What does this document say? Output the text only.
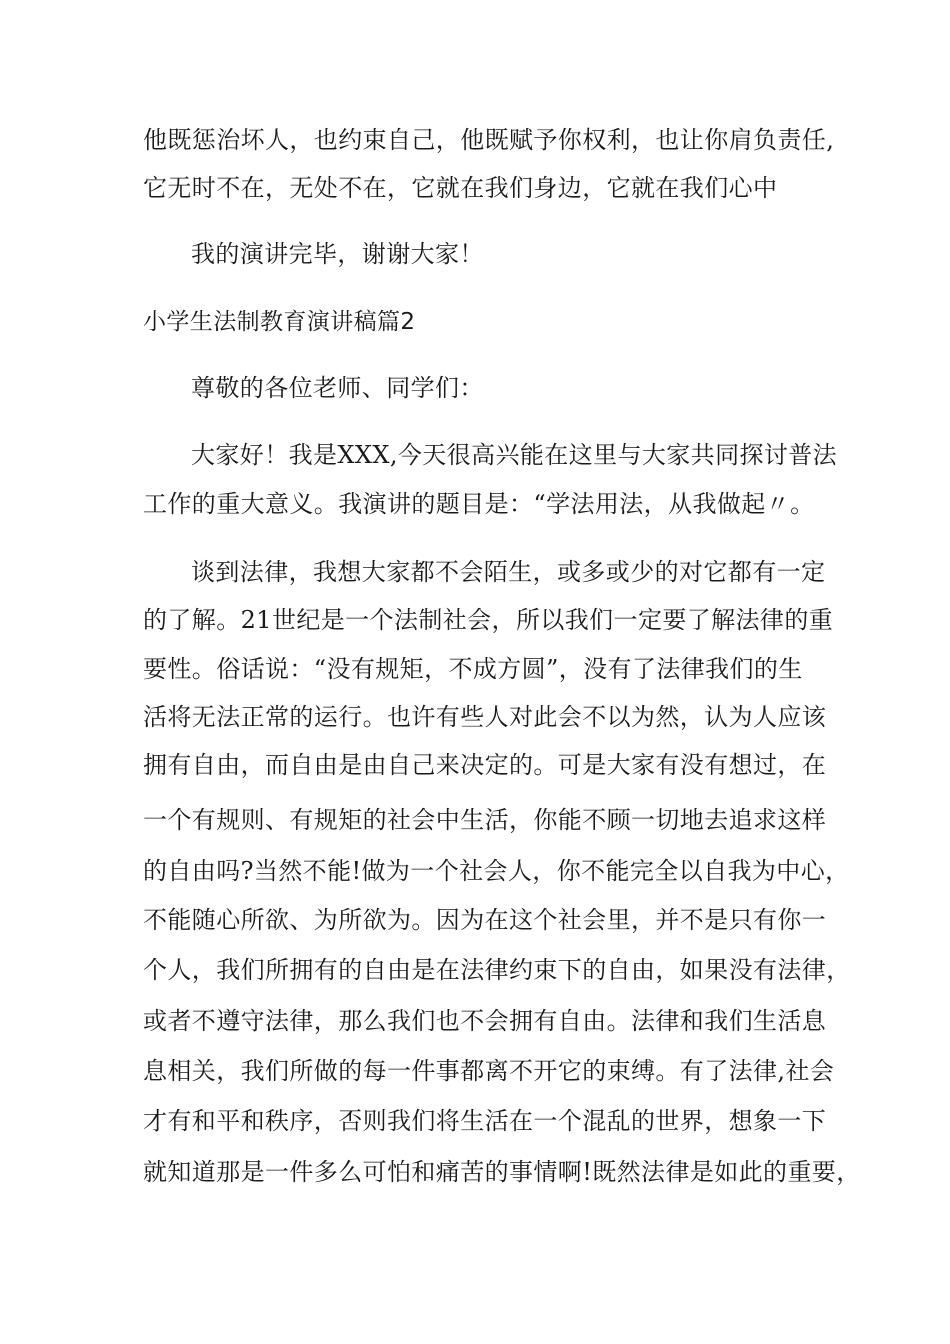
他既惩治坏人，也约束自己，他既赋予你权利，也让你肩负责任,
它无时不在，无处不在，它就在我们身边，它就在我们心中
我的演讲完毕，谢谢大家！
小学生法制教育演讲稿篇2
尊敬的各位老师、同学们：
大家好！我是XXX,今天很高兴能在这里与大家共同探讨普法
工作的重大意义。我演讲的题目是：“学法用法，从我做起〃。
谈到法律，我想大家都不会陌生，或多或少的对它都有一定
的了解。21世纪是一个法制社会，所以我们一定要了解法律的重
要性。俗话说：“没有规矩，不成方圆”，没有了法律我们的生
活将无法正常的运行。也许有些人对此会不以为然，认为人应该
拥有自由，而自由是由自己来决定的。可是大家有没有想过，在
一个有规则、有规矩的社会中生活，你能不顾一切地去追求这样
的自由吗?当然不能!做为一个社会人，你不能完全以自我为中心，
不能随心所欲、为所欲为。因为在这个社会里，并不是只有你一
个人，我们所拥有的自由是在法律约束下的自由，如果没有法律，
或者不遵守法律，那么我们也不会拥有自由。法律和我们生活息
息相关，我们所做的每一件事都离不开它的束缚。有了法律,社会
才有和平和秩序，否则我们将生活在一个混乱的世界，想象一下
就知道那是一件多么可怕和痛苦的事情啊!既然法律是如此的重要，
